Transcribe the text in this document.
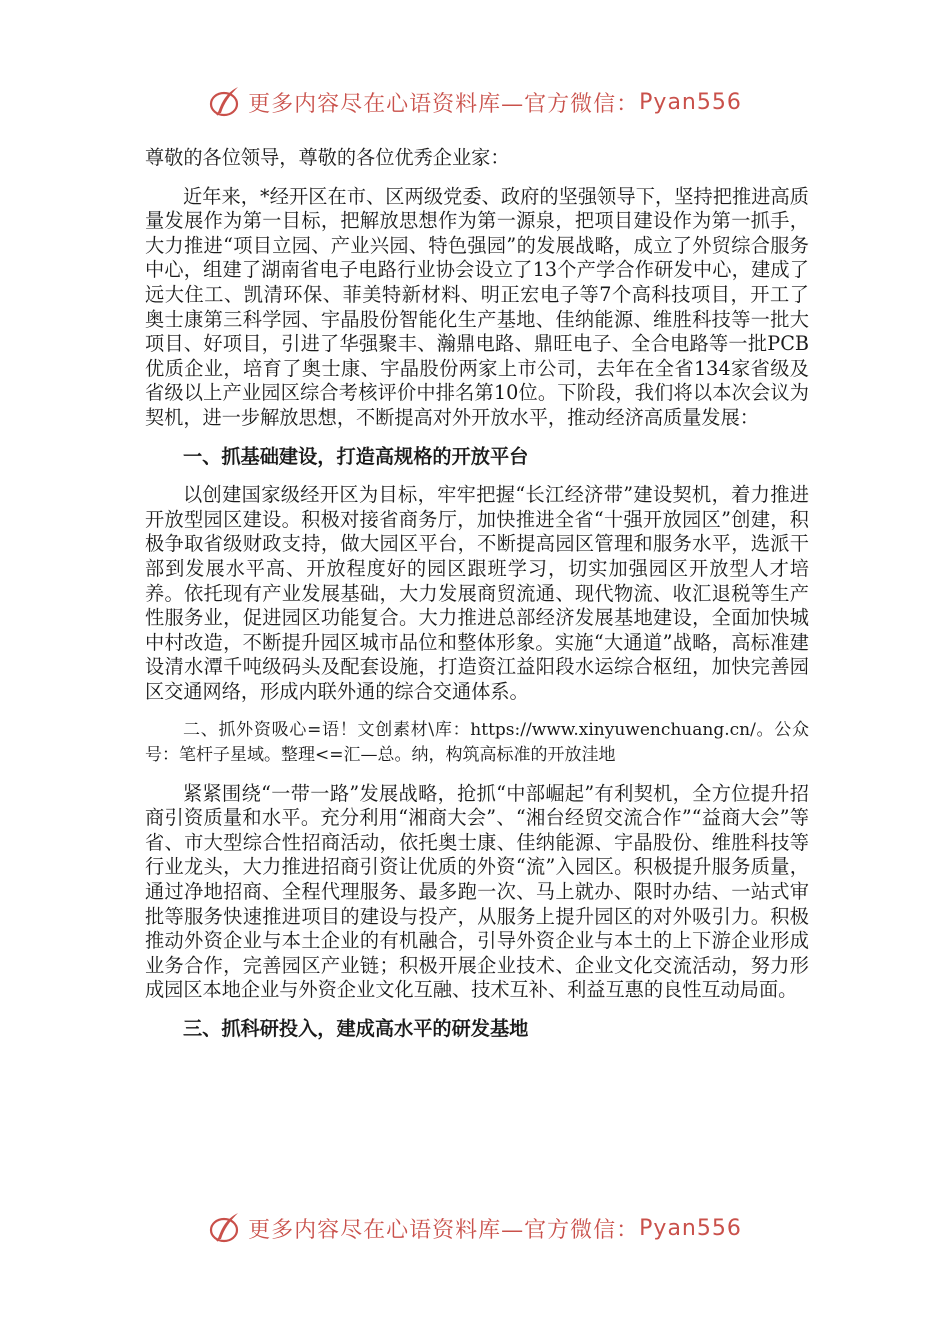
更多内容尽在心语资料库—官方微信： Pyan556

尊敬的各位领导，尊敬的各位优秀企业家：

近年来，*经开区在市、区两级党委、政府的坚强领导下，坚持把推进高质量发展作为第一目标，把解放思想作为第一源泉，把项目建设作为第一抓手，大力推进“项目立园、产业兴园、特色强园”的发展战略，成立了外贸综合服务中心，组建了湖南省电子电路行业协会设立了13个产学合作研发中心，建成了远大住工、凯清环保、菲美特新材料、明正宏电子等7个高科技项目，开工了奥士康第三科学园、宇晶股份智能化生产基地、佳纳能源、维胜科技等一批大项目、好项目，引进了华强聚丰、瀚鼎电路、鼎旺电子、全合电路等一批PCB优质企业，培育了奥士康、宇晶股份两家上市公司，去年在全省134家省级及省级以上产业园区综合考核评价中排名第10位。下阶段，我们将以本次会议为契机，进一步解放思想，不断提高对外开放水平，推动经济高质量发展：

一、抓基础建设，打造高规格的开放平台

以创建国家级经开区为目标，牢牢把握“长江经济带”建设契机，着力推进开放型园区建设。积极对接省商务厅，加快推进全省“十强开放园区”创建，积极争取省级财政支持，做大园区平台，不断提高园区管理和服务水平，选派干部到发展水平高、开放程度好的园区跟班学习，切实加强园区开放型人才培养。依托现有产业发展基础，大力发展商贸流通、现代物流、收汇退税等生产性服务业，促进园区功能复合。大力推进总部经济发展基地建设，全面加快城中村改造，不断提升园区城市品位和整体形象。实施“大通道”战略，高标准建设清水潭千吨级码头及配套设施，打造资江益阳段水运综合枢纽，加快完善园区交通网络，形成内联外通的综合交通体系。

二、抓外资吸心=语！文创素材\库：https://www.xinyuwenchuang.cn/。公众号：笔杆子星域。整理<=汇—总。纳，构筑高标准的开放洼地

紧紧围绕“一带一路”发展战略，抢抓“中部崛起”有利契机，全方位提升招商引资质量和水平。充分利用“湘商大会”、“湘台经贸交流合作”“益商大会”等省、市大型综合性招商活动，依托奥士康、佳纳能源、宇晶股份、维胜科技等行业龙头，大力推进招商引资让优质的外资“流”入园区。积极提升服务质量，通过净地招商、全程代理服务、最多跑一次、马上就办、限时办结、一站式审批等服务快速推进项目的建设与投产，从服务上提升园区的对外吸引力。积极推动外资企业与本土企业的有机融合，引导外资企业与本土的上下游企业形成业务合作，完善园区产业链；积极开展企业技术、企业文化交流活动，努力形成园区本地企业与外资企业文化互融、技术互补、利益互惠的良性互动局面。

三、抓科研投入，建成高水平的研发基地

更多内容尽在心语资料库—官方微信： Pyan556
